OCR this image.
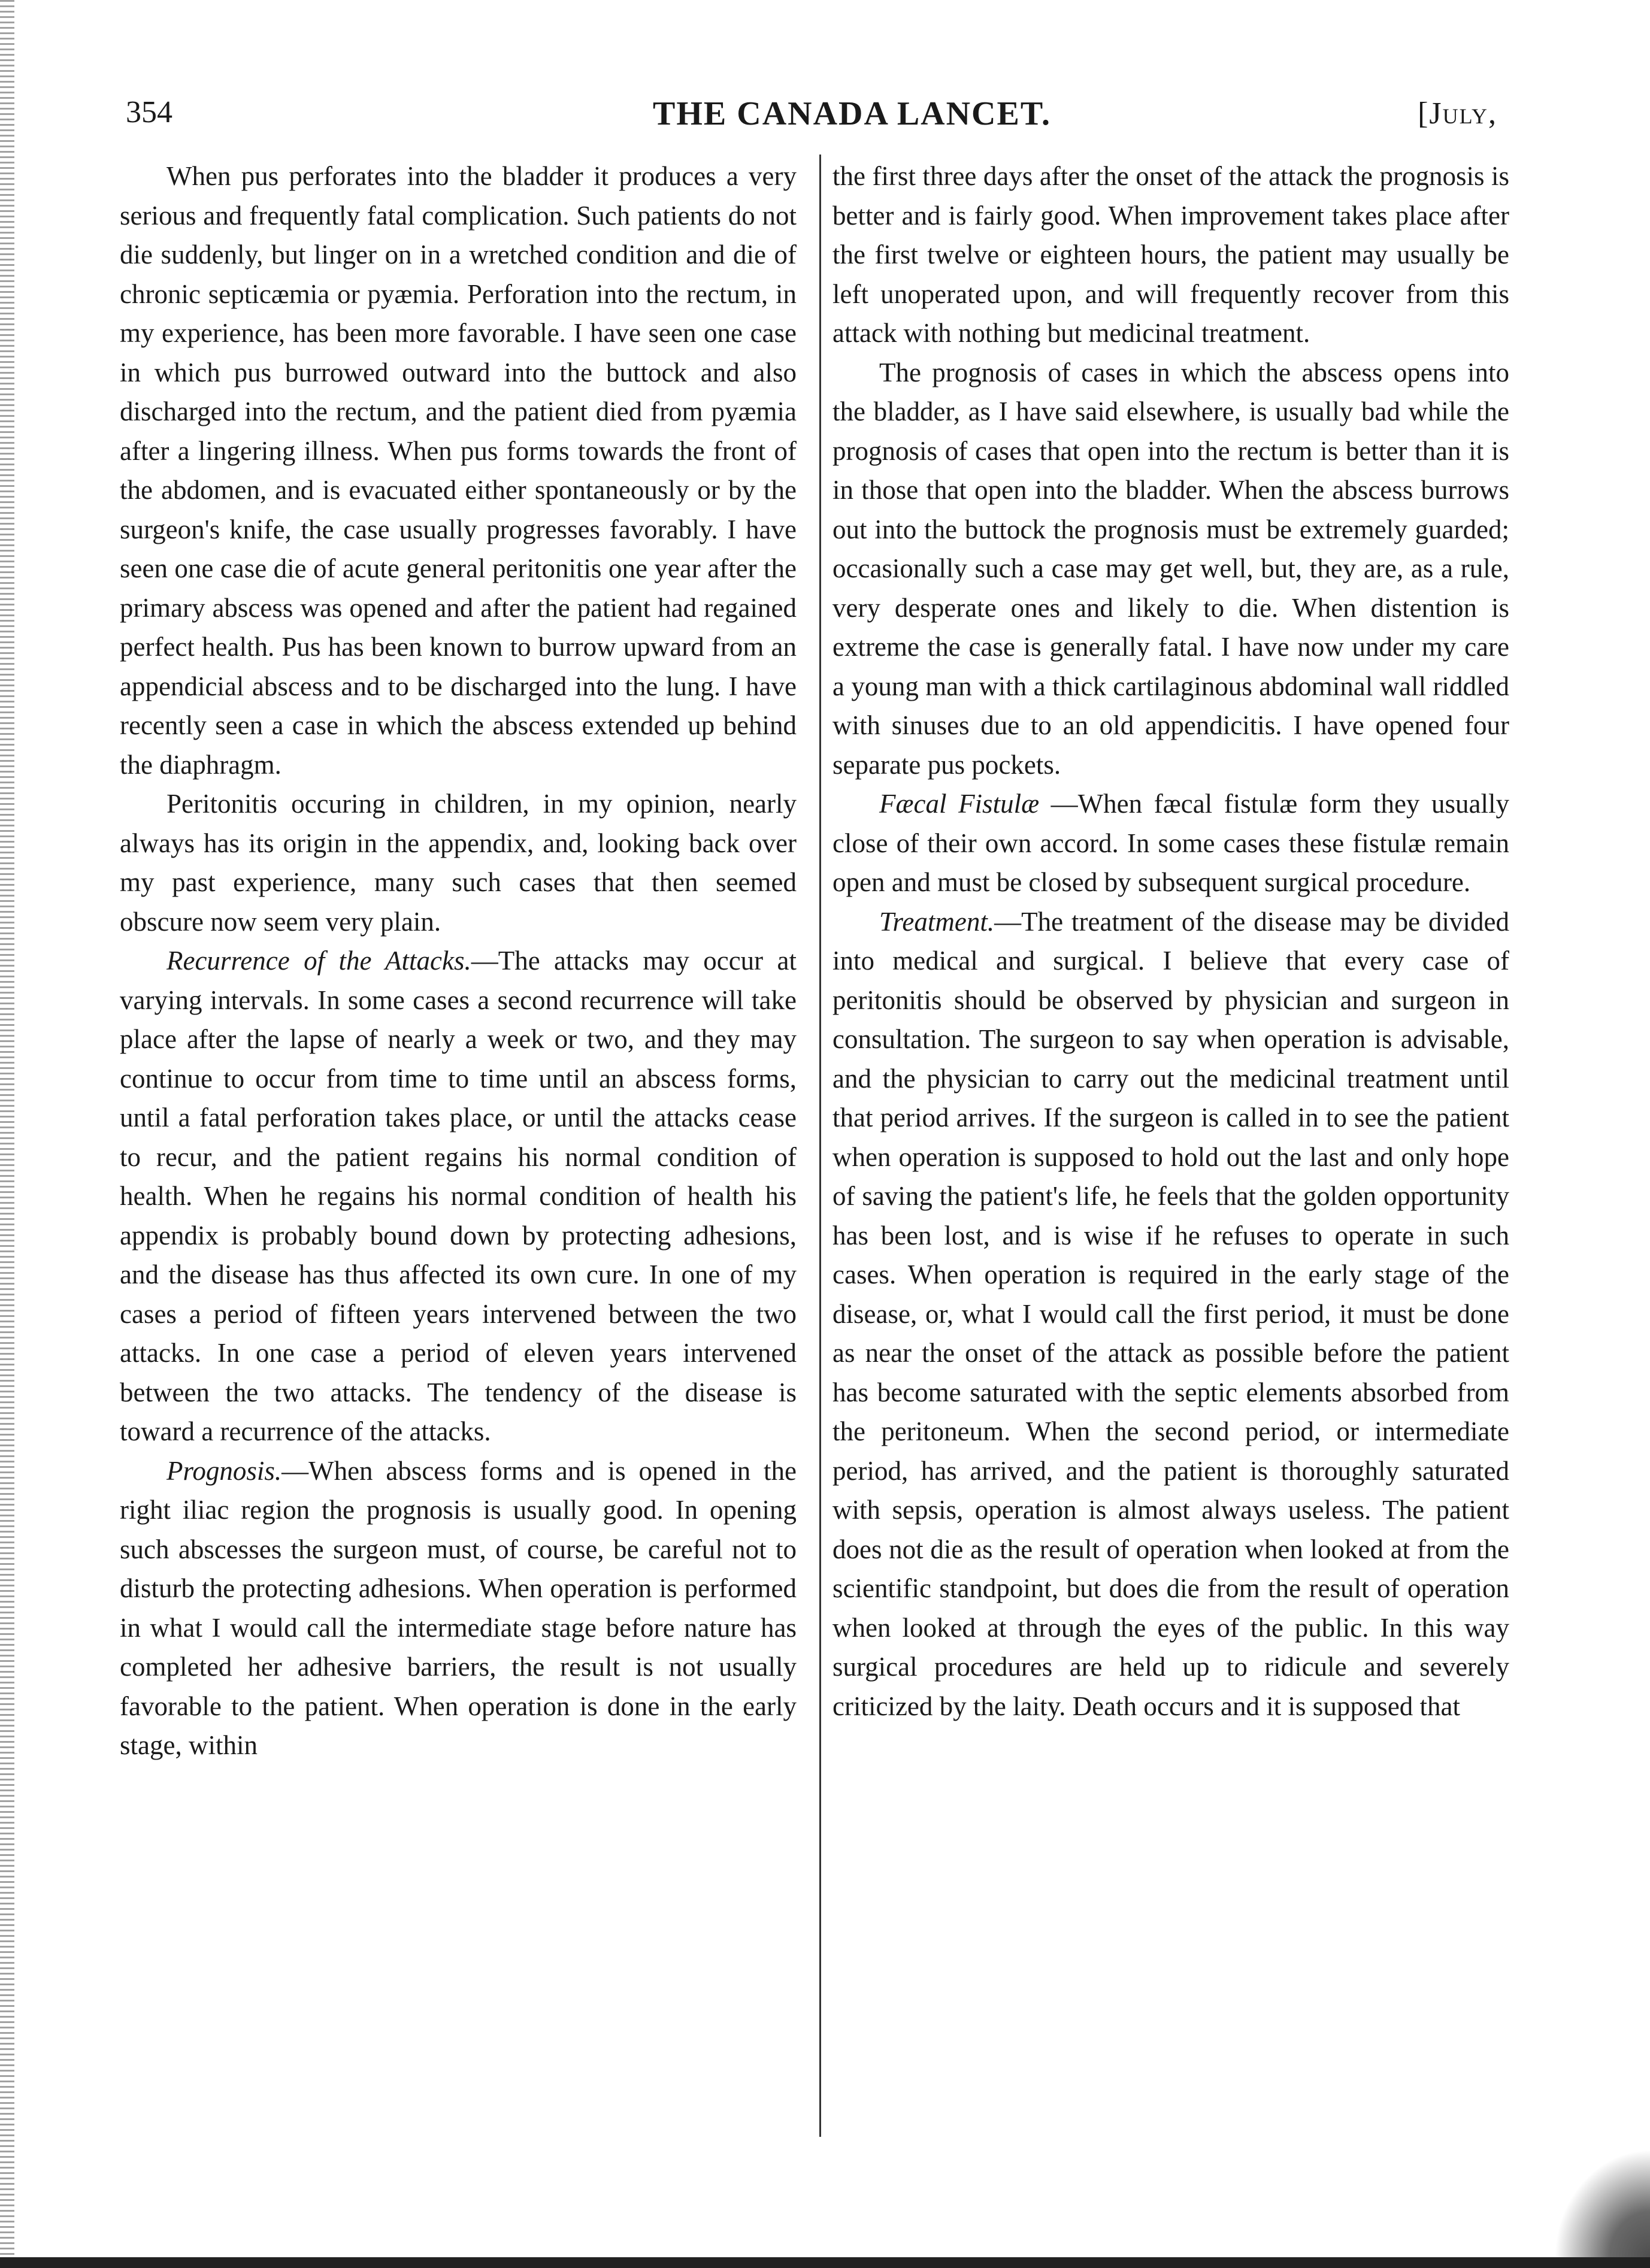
354	THE CANADA LANCET.	[July,

When pus perforates into the bladder it produces a very serious and frequently fatal complication. Such patients do not die suddenly, but linger on in a wretched condition and die of chronic septicæmia or pyæmia. Perforation into the rectum, in my experience, has been more favorable. I have seen one case in which pus burrowed outward into the buttock and also discharged into the rectum, and the patient died from pyæmia after a lingering illness. When pus forms towards the front of the abdomen, and is evacuated either spontaneously or by the surgeon's knife, the case usually progresses favorably. I have seen one case die of acute general peritonitis one year after the primary abscess was opened and after the patient had regained perfect health. Pus has been known to burrow upward from an appendicial abscess and to be discharged into the lung. I have recently seen a case in which the abscess extended up behind the diaphragm.

Peritonitis occuring in children, in my opinion, nearly always has its origin in the appendix, and, looking back over my past experience, many such cases that then seemed obscure now seem very plain.

Recurrence of the Attacks.—The attacks may occur at varying intervals. In some cases a second recurrence will take place after the lapse of nearly a week or two, and they may continue to occur from time to time until an abscess forms, until a fatal perforation takes place, or until the attacks cease to recur, and the patient regains his normal condition of health. When he regains his normal condition of health his appendix is probably bound down by protecting adhesions, and the disease has thus affected its own cure. In one of my cases a period of fifteen years intervened between the two attacks. In one case a period of eleven years intervened between the two attacks. The tendency of the disease is toward a recurrence of the attacks.

Prognosis.—When abscess forms and is opened in the right iliac region the prognosis is usually good. In opening such abscesses the surgeon must, of course, be careful not to disturb the protecting adhesions. When operation is performed in what I would call the intermediate stage before nature has completed her adhesive barriers, the result is not usually favorable to the patient. When operation is done in the early stage, within

the first three days after the onset of the attack the prognosis is better and is fairly good. When improvement takes place after the first twelve or eighteen hours, the patient may usually be left unoperated upon, and will frequently recover from this attack with nothing but medicinal treatment.

The prognosis of cases in which the abscess opens into the bladder, as I have said elsewhere, is usually bad while the prognosis of cases that open into the rectum is better than it is in those that open into the bladder. When the abscess burrows out into the buttock the prognosis must be extremely guarded; occasionally such a case may get well, but, they are, as a rule, very desperate ones and likely to die. When distention is extreme the case is generally fatal. I have now under my care a young man with a thick cartilaginous abdominal wall riddled with sinuses due to an old appendicitis. I have opened four separate pus pockets.

Fæcal Fistulæ —When fæcal fistulæ form they usually close of their own accord. In some cases these fistulæ remain open and must be closed by subsequent surgical procedure.

Treatment.—The treatment of the disease may be divided into medical and surgical. I believe that every case of peritonitis should be observed by physician and surgeon in consultation. The surgeon to say when operation is advisable, and the physician to carry out the medicinal treatment until that period arrives. If the surgeon is called in to see the patient when operation is supposed to hold out the last and only hope of saving the patient's life, he feels that the golden opportunity has been lost, and is wise if he refuses to operate in such cases. When operation is required in the early stage of the disease, or, what I would call the first period, it must be done as near the onset of the attack as possible before the patient has become saturated with the septic elements absorbed from the peritoneum. When the second period, or intermediate period, has arrived, and the patient is thoroughly saturated with sepsis, operation is almost always useless. The patient does not die as the result of operation when looked at from the scientific standpoint, but does die from the result of operation when looked at through the eyes of the public. In this way surgical procedures are held up to ridicule and severely criticized by the laity. Death occurs and it is supposed that
